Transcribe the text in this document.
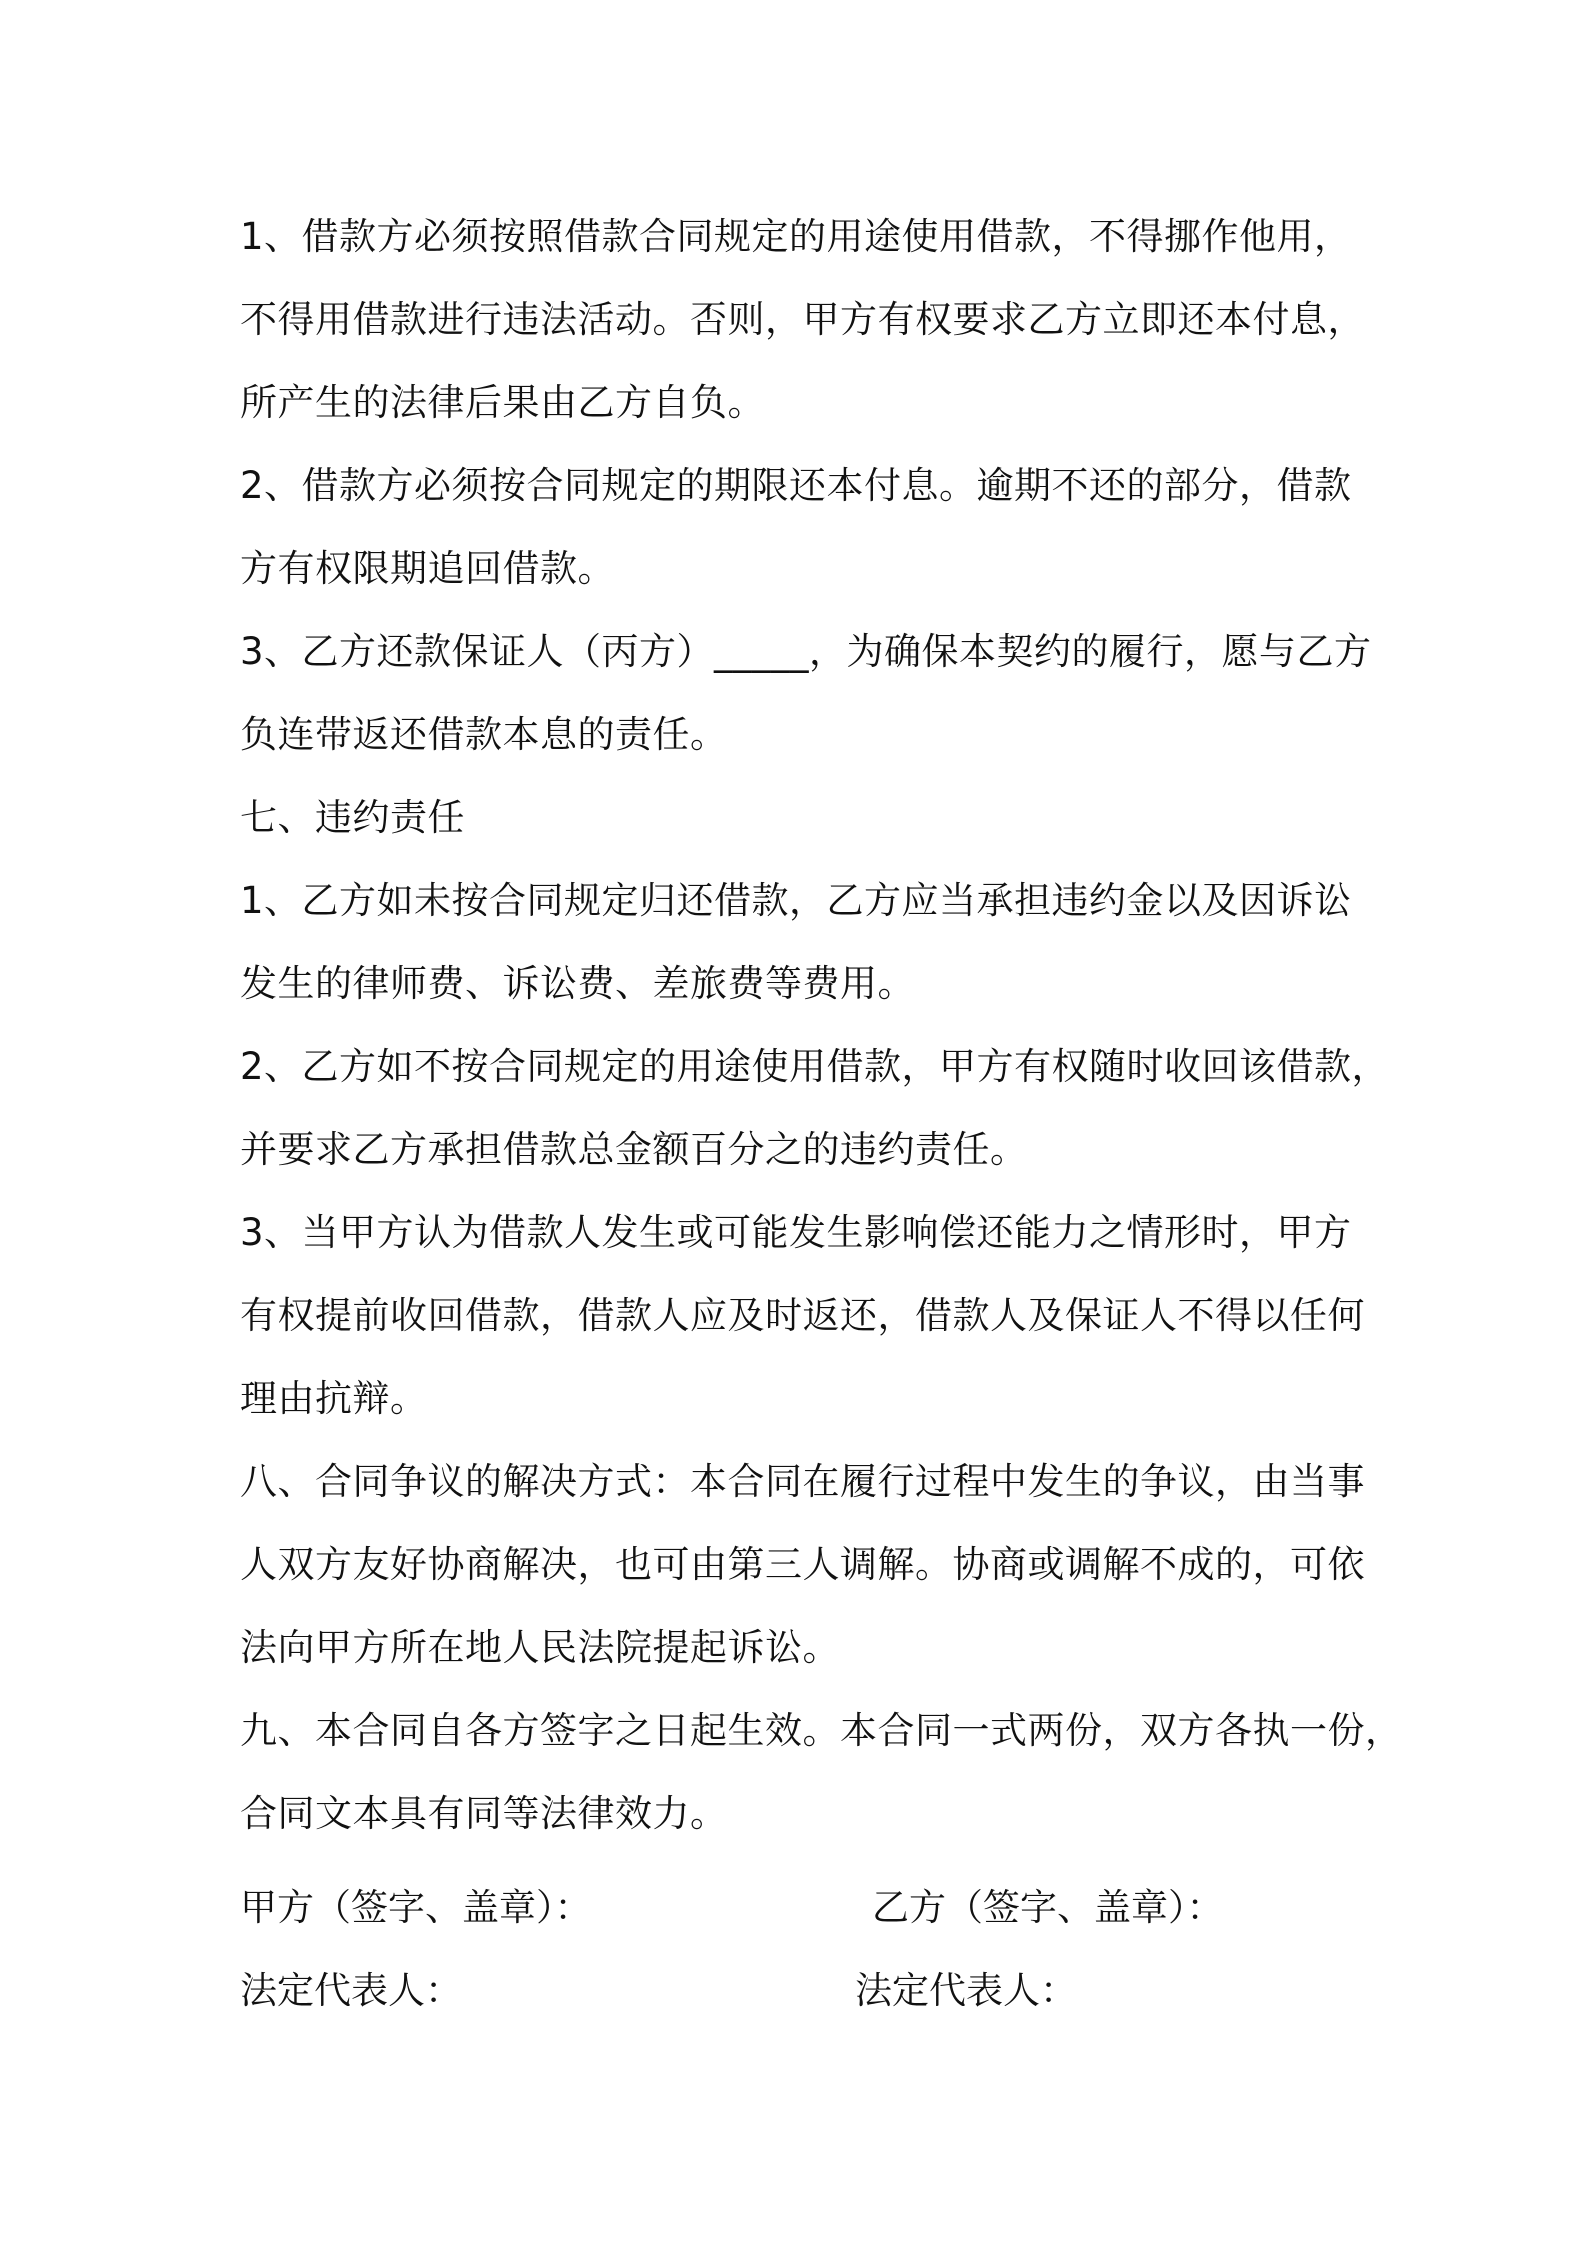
1、借款方必须按照借款合同规定的用途使用借款，不得挪作他用，
不得用借款进行违法活动。否则，甲方有权要求乙方立即还本付息，
所产生的法律后果由乙方自负。
2、借款方必须按合同规定的期限还本付息。逾期不还的部分，借款
方有权限期追回借款。
3、乙方还款保证人（丙方）_____，为确保本契约的履行，愿与乙方
负连带返还借款本息的责任。
七、违约责任
1、乙方如未按合同规定归还借款，乙方应当承担违约金以及因诉讼
发生的律师费、诉讼费、差旅费等费用。
2、乙方如不按合同规定的用途使用借款，甲方有权随时收回该借款，
并要求乙方承担借款总金额百分之的违约责任。
3、当甲方认为借款人发生或可能发生影响偿还能力之情形时，甲方
有权提前收回借款，借款人应及时返还，借款人及保证人不得以任何
理由抗辩。
八、合同争议的解决方式：本合同在履行过程中发生的争议，由当事
人双方友好协商解决，也可由第三人调解。协商或调解不成的，可依
法向甲方所在地人民法院提起诉讼。
九、本合同自各方签字之日起生效。本合同一式两份，双方各执一份，
合同文本具有同等法律效力。
甲方（签字、盖章）：	乙方（签字、盖章）：
法定代表人：	法定代表人：
